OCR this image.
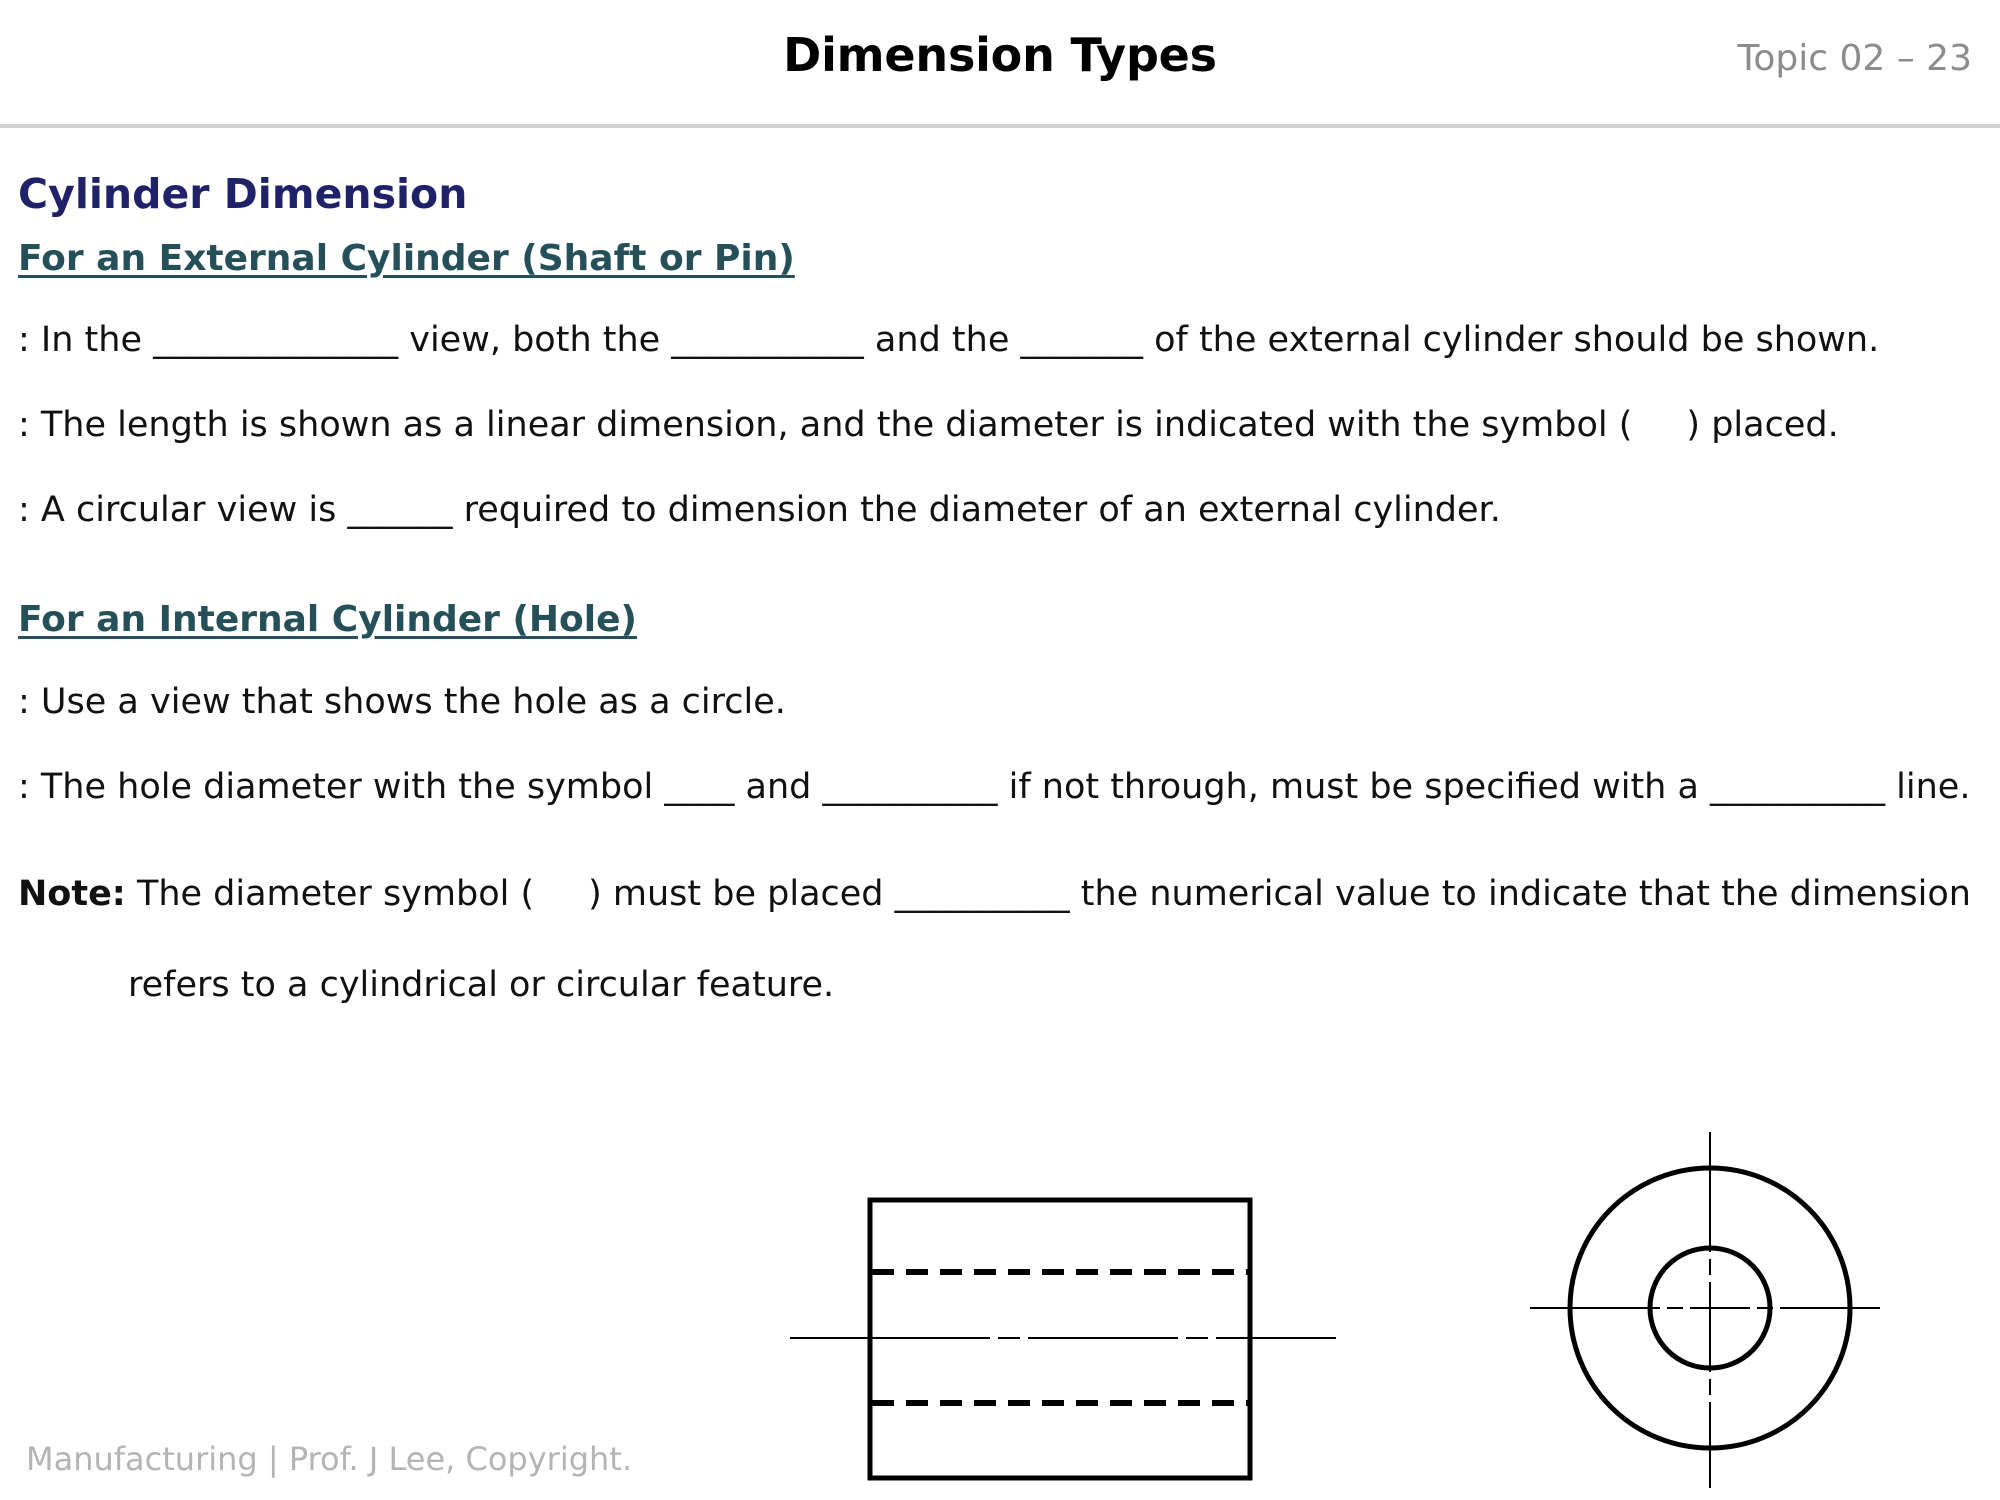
Dimension Types	Topic 02 – 23
Cylinder Dimension
For an External Cylinder (Shaft or Pin)
: In the ______________ view, both the ___________ and the _______ of the external cylinder should be shown.
: The length is shown as a linear dimension, and the diameter is indicated with the symbol ( ) placed.
: A circular view is ______ required to dimension the diameter of an external cylinder.
For an Internal Cylinder (Hole)
: Use a view that shows the hole as a circle.
: The hole diameter with the symbol ____ and __________ if not through, must be specified with a __________ line.
Note: The diameter symbol ( ) must be placed __________ the numerical value to indicate that the dimension
refers to a cylindrical or circular feature.
Manufacturing | Prof. J Lee, Copyright.
